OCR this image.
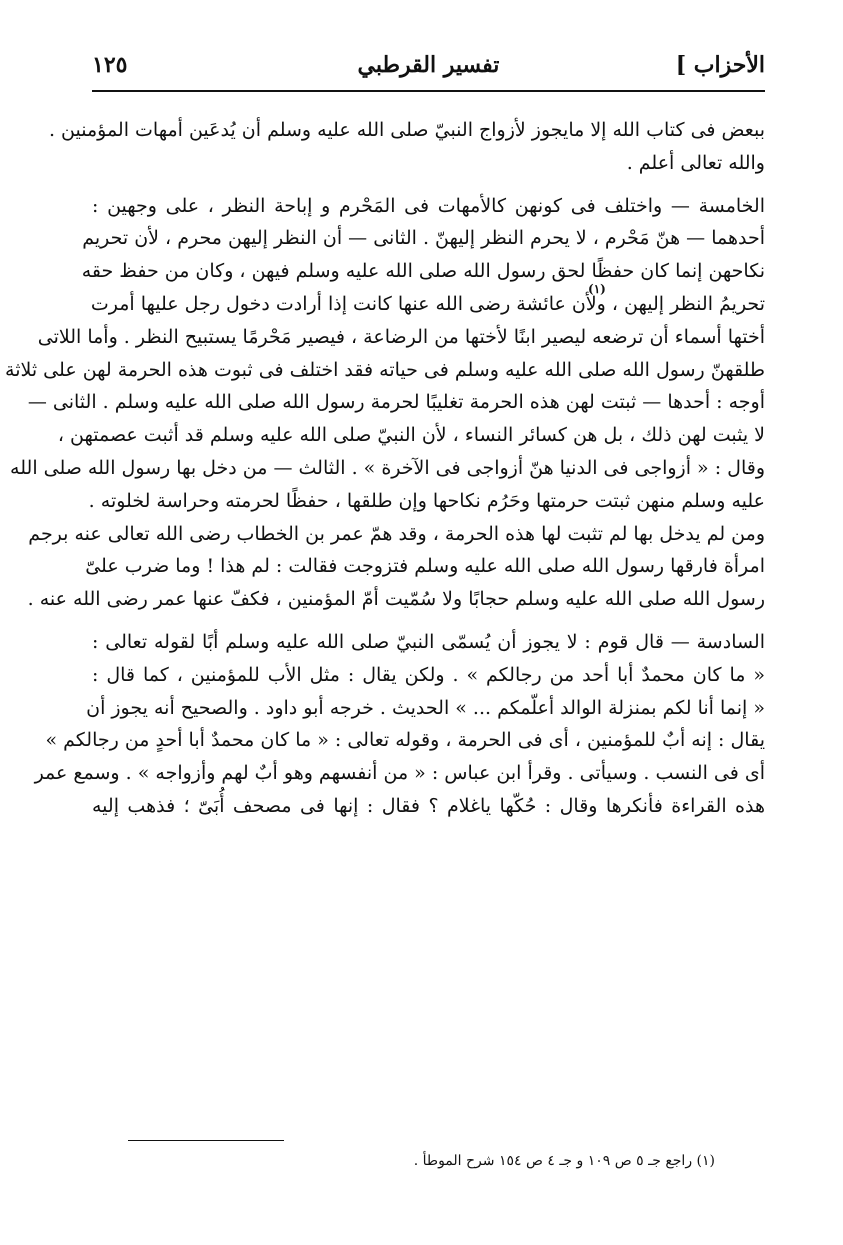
الأحزاب ]
تفسير القرطبي
١٢٥
ببعض فى كتاب الله إلا مايجوز لأزواج النبيّ صلى الله عليه وسلم أن يُدعَين أمهات المؤمنين .
والله تعالى أعلم .
الخامسة — واختلف فى كونهن كالأمهات فى المَحْرم و إباحة النظر ، على وجهين :
أحدهما — هنّ مَحْرم ، لا يحرم النظر إليهنّ . الثانى — أن النظر إليهن محرم ، لأن تحريم
نكاحهن إنما كان حفظًا لحق رسول الله صلى الله عليه وسلم فيهن ، وكان من حفظ حقه
تحريمُ النظر إليهن ، ولأن عائشة رضى الله عنها كانت إذا أرادت دخول رجل عليها أمرت
أختها أسماء أن ترضعه ليصير ابنًا لأختها من الرضاعة ، فيصير مَحْرمًا يستبيح النظر . وأما اللاتى
طلقهنّ رسول الله صلى الله عليه وسلم فى حياته فقد اختلف فى ثبوت هذه الحرمة لهن على ثلاثة
أوجه : أحدها — ثبتت لهن هذه الحرمة تغليبًا لحرمة رسول الله صلى الله عليه وسلم . الثانى —
لا يثبت لهن ذلك ، بل هن كسائر النساء ، لأن النبيّ صلى الله عليه وسلم قد أثبت عصمتهن ،
وقال : « أزواجى فى الدنيا هنّ أزواجى فى الآخرة » . الثالث — من دخل بها رسول الله صلى الله
عليه وسلم منهن ثبتت حرمتها وحَرُم نكاحها وإن طلقها ، حفظًا لحرمته وحراسة لخلوته .
ومن لم يدخل بها لم تثبت لها هذه الحرمة ، وقد همّ عمر بن الخطاب رضى الله تعالى عنه برجم
امرأة فارقها رسول الله صلى الله عليه وسلم فتزوجت فقالت : لم هذا ! وما ضرب علىّ
رسول الله صلى الله عليه وسلم حجابًا ولا سُمّيت أمّ المؤمنين ، فكفّ عنها عمر رضى الله عنه .
السادسة — قال قوم : لا يجوز أن يُسمّى النبيّ صلى الله عليه وسلم أبًا لقوله تعالى :
« ما كان محمدٌ أبا أحد من رجالكم » . ولكن يقال : مثل الأب للمؤمنين ، كما قال :
« إنما أنا لكم بمنزلة الوالد أعلّمكم ... » الحديث . خرجه أبو داود . والصحيح أنه يجوز أن
يقال : إنه أبٌ للمؤمنين ، أى فى الحرمة ، وقوله تعالى : « ما كان محمدٌ أبا أحدٍ من رجالكم »
أى فى النسب . وسيأتى . وقرأ ابن عباس : « من أنفسهم وهو أبٌ لهم وأزواجه » . وسمع عمر
هذه القراءة فأنكرها وقال : حُكّها ياغلام ؟ فقال : إنها فى مصحف أُبَىّ ؛ فذهب إليه
(١)
(١) راجع جـ ٥ ص ١٠٩ و جـ ٤ ص ١٥٤ شرح الموطأ .
